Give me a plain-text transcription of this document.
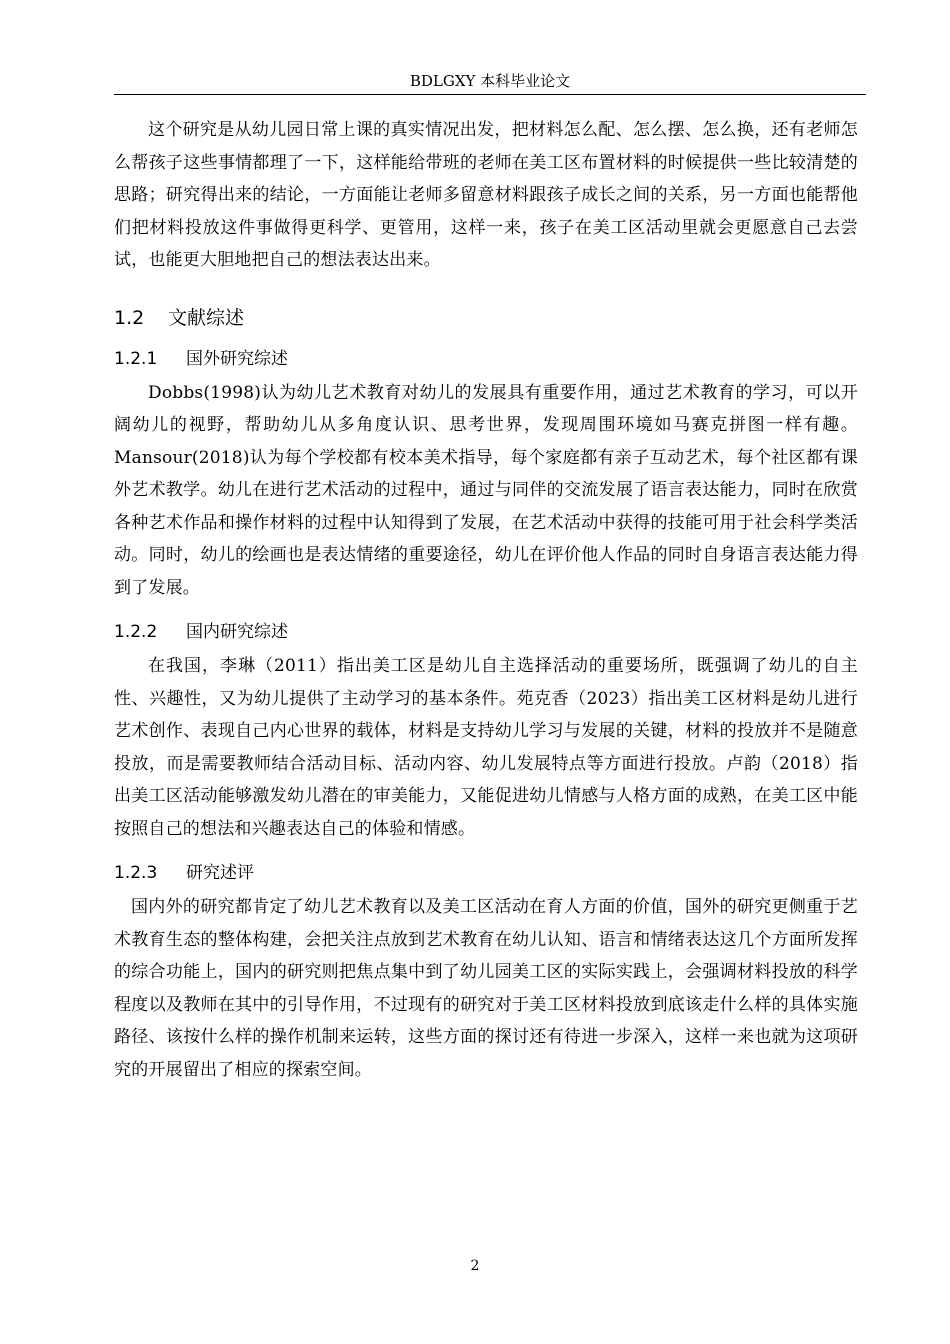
BDLGXY 本科毕业论文

这个研究是从幼儿园日常上课的真实情况出发，把材料怎么配、怎么摆、怎么换，还有老师怎么帮孩子这些事情都理了一下，这样能给带班的老师在美工区布置材料的时候提供一些比较清楚的思路；研究得出来的结论，一方面能让老师多留意材料跟孩子成长之间的关系，另一方面也能帮他们把材料投放这件事做得更科学、更管用，这样一来，孩子在美工区活动里就会更愿意自己去尝试，也能更大胆地把自己的想法表达出来。

1.2 文献综述
1.2.1 国外研究综述

Dobbs(1998)认为幼儿艺术教育对幼儿的发展具有重要作用，通过艺术教育的学习，可以开阔幼儿的视野，帮助幼儿从多角度认识、思考世界，发现周围环境如马赛克拼图一样有趣。Mansour(2018)认为每个学校都有校本美术指导，每个家庭都有亲子互动艺术，每个社区都有课外艺术教学。幼儿在进行艺术活动的过程中，通过与同伴的交流发展了语言表达能力，同时在欣赏各种艺术作品和操作材料的过程中认知得到了发展，在艺术活动中获得的技能可用于社会科学类活动。同时，幼儿的绘画也是表达情绪的重要途径，幼儿在评价他人作品的同时自身语言表达能力得到了发展。

1.2.2 国内研究综述

在我国，李琳（2011）指出美工区是幼儿自主选择活动的重要场所，既强调了幼儿的自主性、兴趣性，又为幼儿提供了主动学习的基本条件。苑克香（2023）指出美工区材料是幼儿进行艺术创作、表现自己内心世界的载体，材料是支持幼儿学习与发展的关键，材料的投放并不是随意投放，而是需要教师结合活动目标、活动内容、幼儿发展特点等方面进行投放。卢韵（2018）指出美工区活动能够激发幼儿潜在的审美能力，又能促进幼儿情感与人格方面的成熟，在美工区中能按照自己的想法和兴趣表达自己的体验和情感。

1.2.3 研究述评

国内外的研究都肯定了幼儿艺术教育以及美工区活动在育人方面的价值，国外的研究更侧重于艺术教育生态的整体构建，会把关注点放到艺术教育在幼儿认知、语言和情绪表达这几个方面所发挥的综合功能上，国内的研究则把焦点集中到了幼儿园美工区的实际实践上，会强调材料投放的科学程度以及教师在其中的引导作用，不过现有的研究对于美工区材料投放到底该走什么样的具体实施路径、该按什么样的操作机制来运转，这些方面的探讨还有待进一步深入，这样一来也就为这项研究的开展留出了相应的探索空间。

2
